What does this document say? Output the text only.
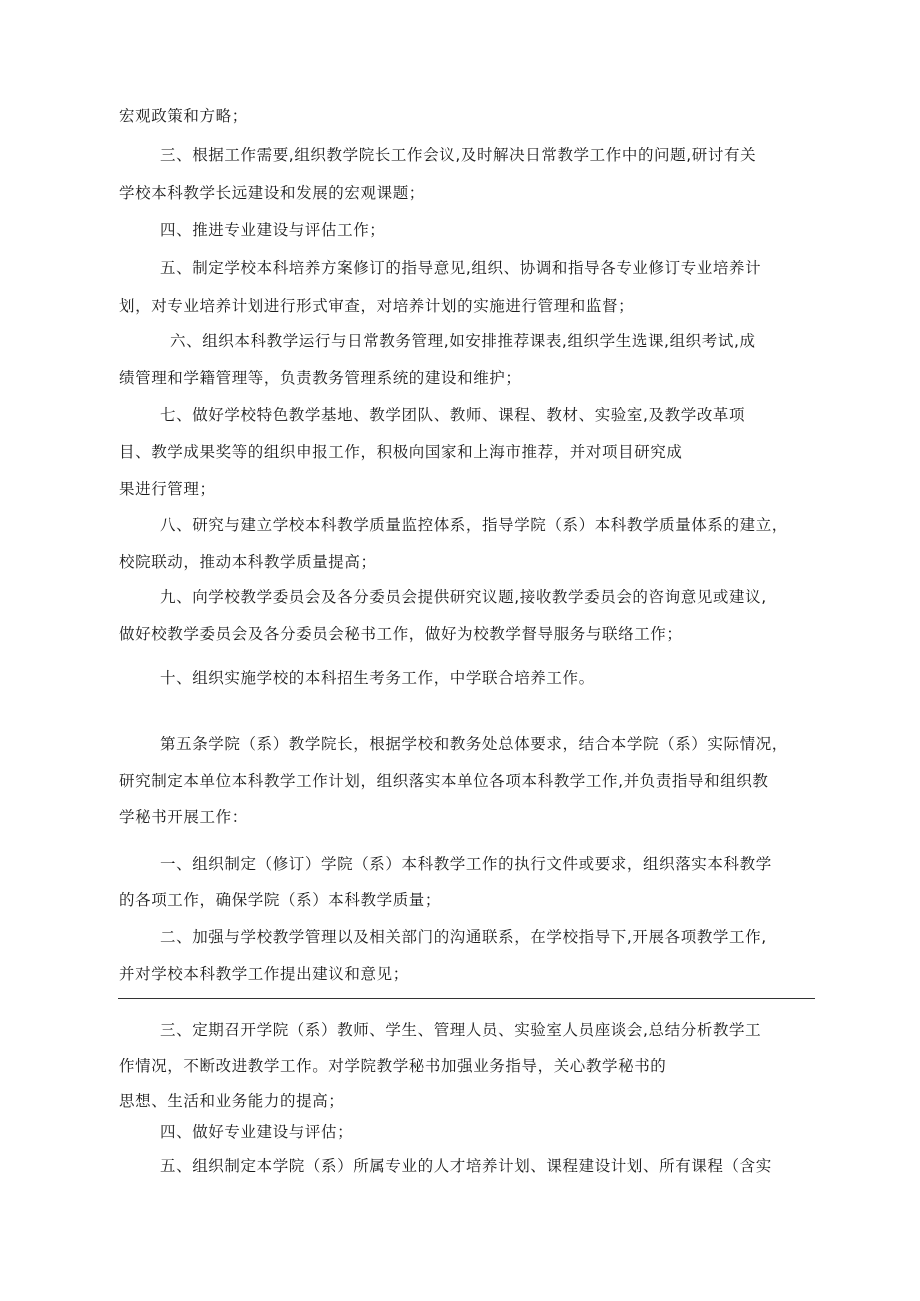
宏观政策和方略；
三、根据工作需要,组织教学院长工作会议,及时解决日常教学工作中的问题,研讨有关
学校本科教学长远建设和发展的宏观课题；
四、推进专业建设与评估工作；
五、制定学校本科培养方案修订的指导意见,组织、协调和指导各专业修订专业培养计
划，对专业培养计划进行形式审查，对培养计划的实施进行管理和监督；
六、组织本科教学运行与日常教务管理,如安排推荐课表,组织学生选课,组织考试,成
绩管理和学籍管理等，负责教务管理系统的建设和维护；
七、做好学校特色教学基地、教学团队、教师、课程、教材、实验室,及教学改革项
目、教学成果奖等的组织申报工作，积极向国家和上海市推荐，并对项目研究成
果进行管理；
八、研究与建立学校本科教学质量监控体系，指导学院（系）本科教学质量体系的建立，
校院联动，推动本科教学质量提高；
九、向学校教学委员会及各分委员会提供研究议题,接收教学委员会的咨询意见或建议,
做好校教学委员会及各分委员会秘书工作，做好为校教学督导服务与联络工作；
十、组织实施学校的本科招生考务工作，中学联合培养工作。
第五条学院（系）教学院长，根据学校和教务处总体要求，结合本学院（系）实际情况，
研究制定本单位本科教学工作计划，组织落实本单位各项本科教学工作,并负责指导和组织教
学秘书开展工作：
一、组织制定（修订）学院（系）本科教学工作的执行文件或要求，组织落实本科教学
的各项工作，确保学院（系）本科教学质量；
二、加强与学校教学管理以及相关部门的沟通联系，在学校指导下,开展各项教学工作,
并对学校本科教学工作提出建议和意见；
三、定期召开学院（系）教师、学生、管理人员、实验室人员座谈会,总结分析教学工
作情况，不断改进教学工作。对学院教学秘书加强业务指导，关心教学秘书的
思想、生活和业务能力的提高；
四、做好专业建设与评估；
五、组织制定本学院（系）所属专业的人才培养计划、课程建设计划、所有课程（含实
